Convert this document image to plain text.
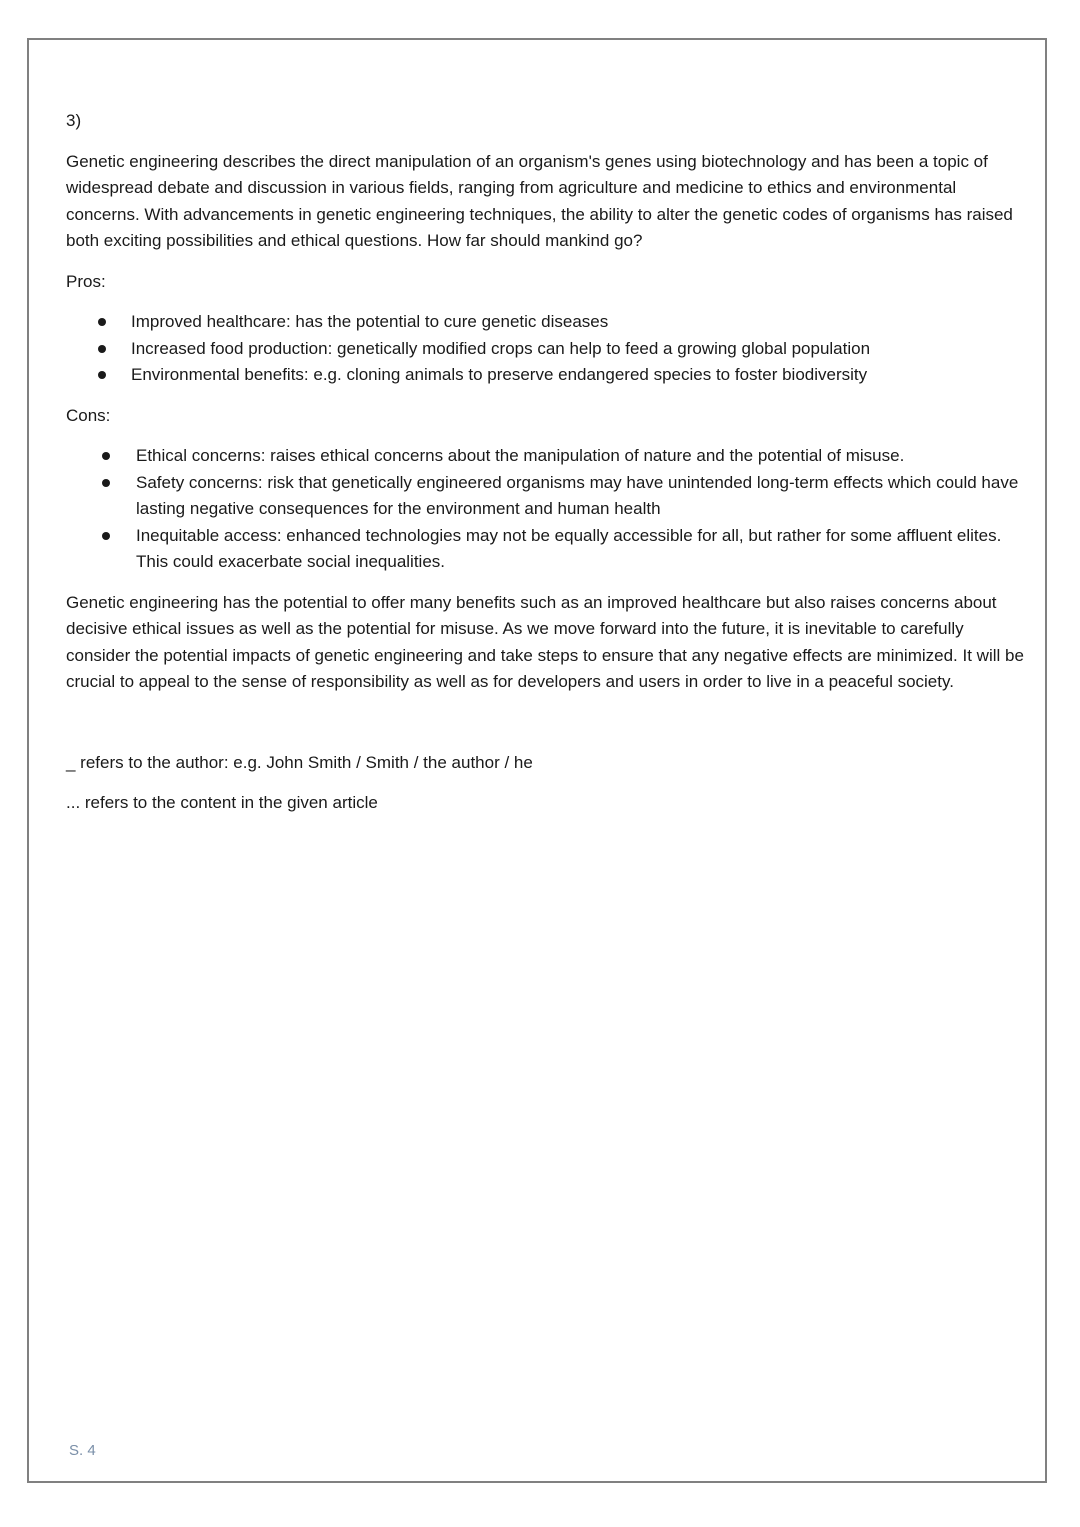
3)

Genetic engineering describes the direct manipulation of an organism's genes using biotechnology and has been a topic of widespread debate and discussion in various fields, ranging from agriculture and medicine to ethics and environmental concerns. With advancements in genetic engineering techniques, the ability to alter the genetic codes of organisms has raised both exciting possibilities and ethical questions. How far should mankind go?

Pros:

Improved healthcare: has the potential to cure genetic diseases
Increased food production: genetically modified crops can help to feed a growing global population
Environmental benefits: e.g. cloning animals to preserve endangered species to foster biodiversity

Cons:

Ethical concerns: raises ethical concerns about the manipulation of nature and the potential of misuse.
Safety concerns: risk that genetically engineered organisms may have unintended long-term effects which could have lasting negative consequences for the environment and human health
Inequitable access: enhanced technologies may not be equally accessible for all, but rather for some affluent elites. This could exacerbate social inequalities.

Genetic engineering has the potential to offer many benefits such as an improved healthcare but also raises concerns about decisive ethical issues as well as the potential for misuse. As we move forward into the future, it is inevitable to carefully consider the potential impacts of genetic engineering and take steps to ensure that any negative effects are minimized. It will be crucial to appeal to the sense of responsibility as well as for developers and users in order to live in a peaceful society.

_ refers to the author: e.g. John Smith / Smith / the author / he

... refers to the content in the given article

S. 4
